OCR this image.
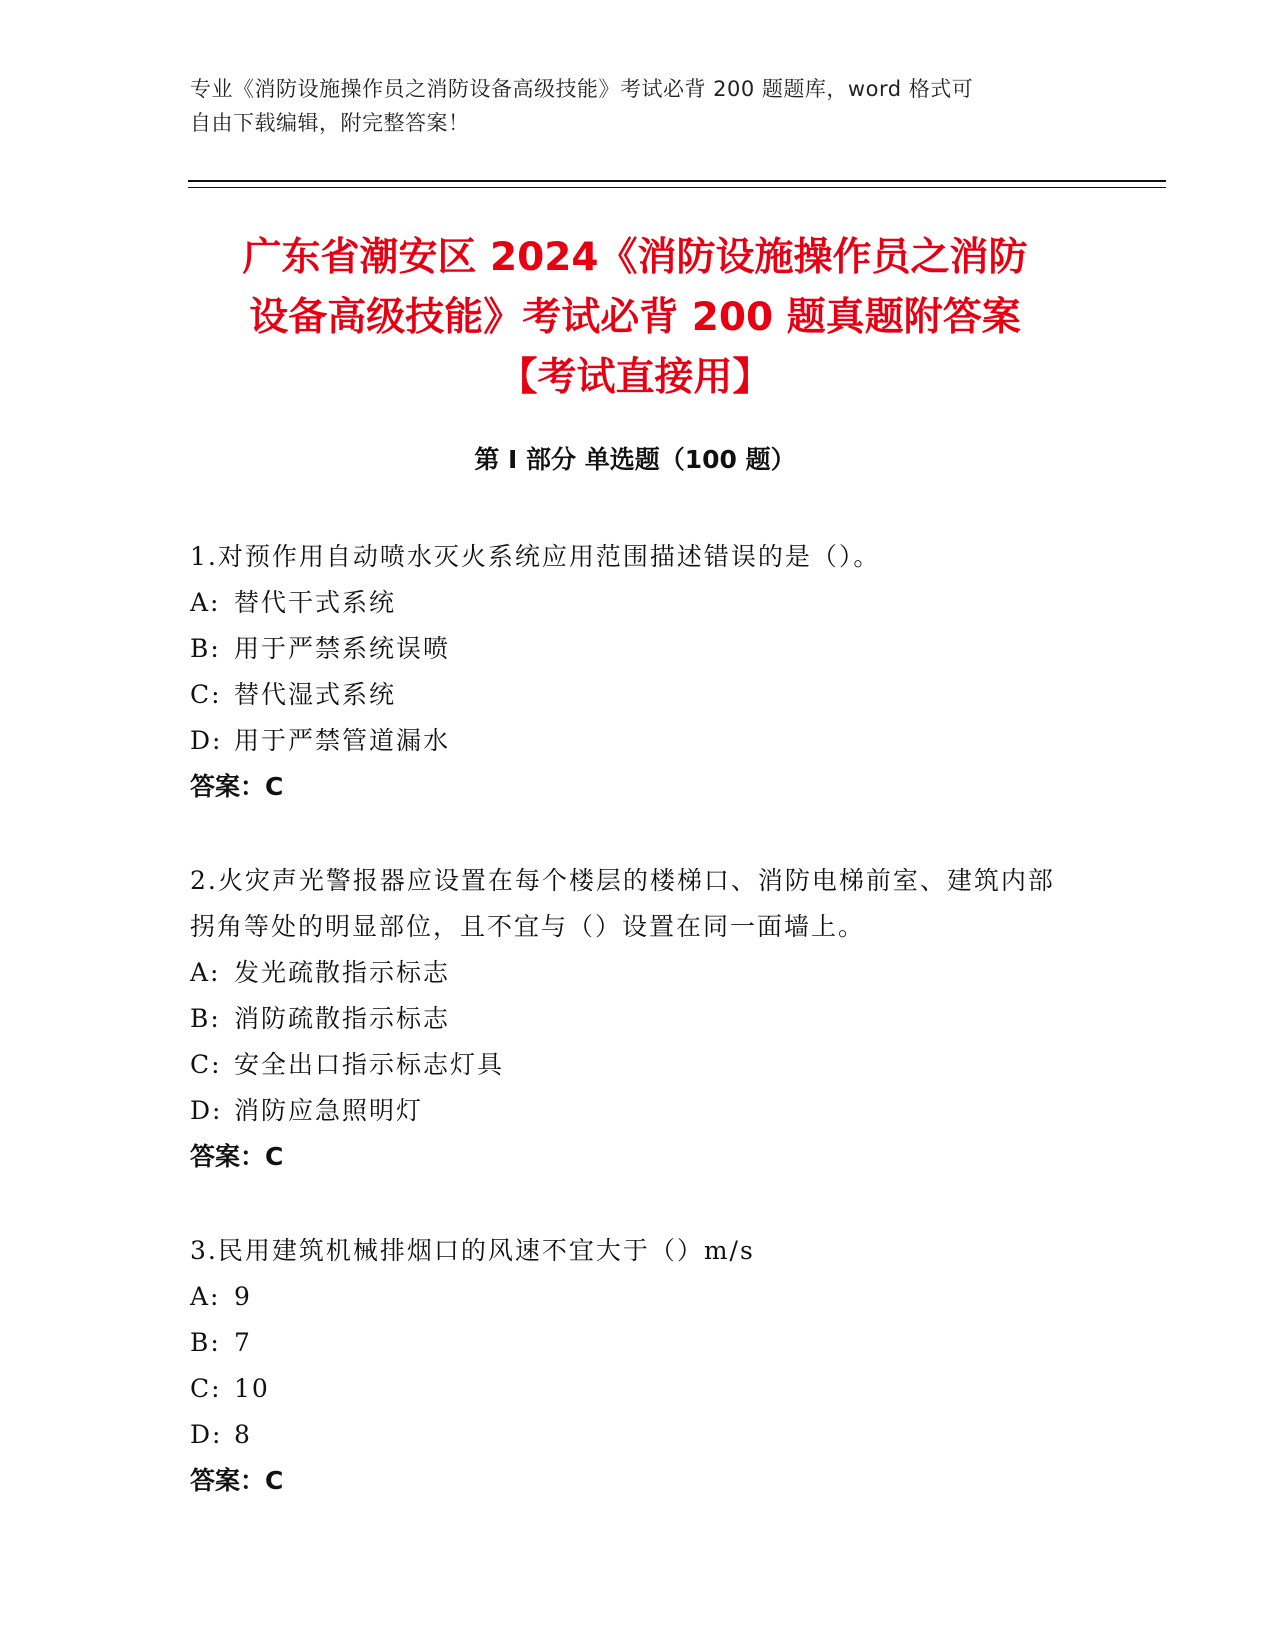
专业《消防设施操作员之消防设备高级技能》考试必背 200 题题库，word 格式可
自由下载编辑，附完整答案！
广东省潮安区 2024《消防设施操作员之消防
设备高级技能》考试必背 200 题真题附答案
【考试直接用】
第 I 部分 单选题（100 题）
1.对预作用自动喷水灭火系统应用范围描述错误的是（）。
A: 替代干式系统
B: 用于严禁系统误喷
C: 替代湿式系统
D: 用于严禁管道漏水
答案：C
2.火灾声光警报器应设置在每个楼层的楼梯口、消防电梯前室、建筑内部拐角等处的明显部位，且不宜与（）设置在同一面墙上。
A: 发光疏散指示标志
B: 消防疏散指示标志
C: 安全出口指示标志灯具
D: 消防应急照明灯
答案：C
3.民用建筑机械排烟口的风速不宜大于（）m/s
A: 9
B: 7
C: 10
D: 8
答案：C
